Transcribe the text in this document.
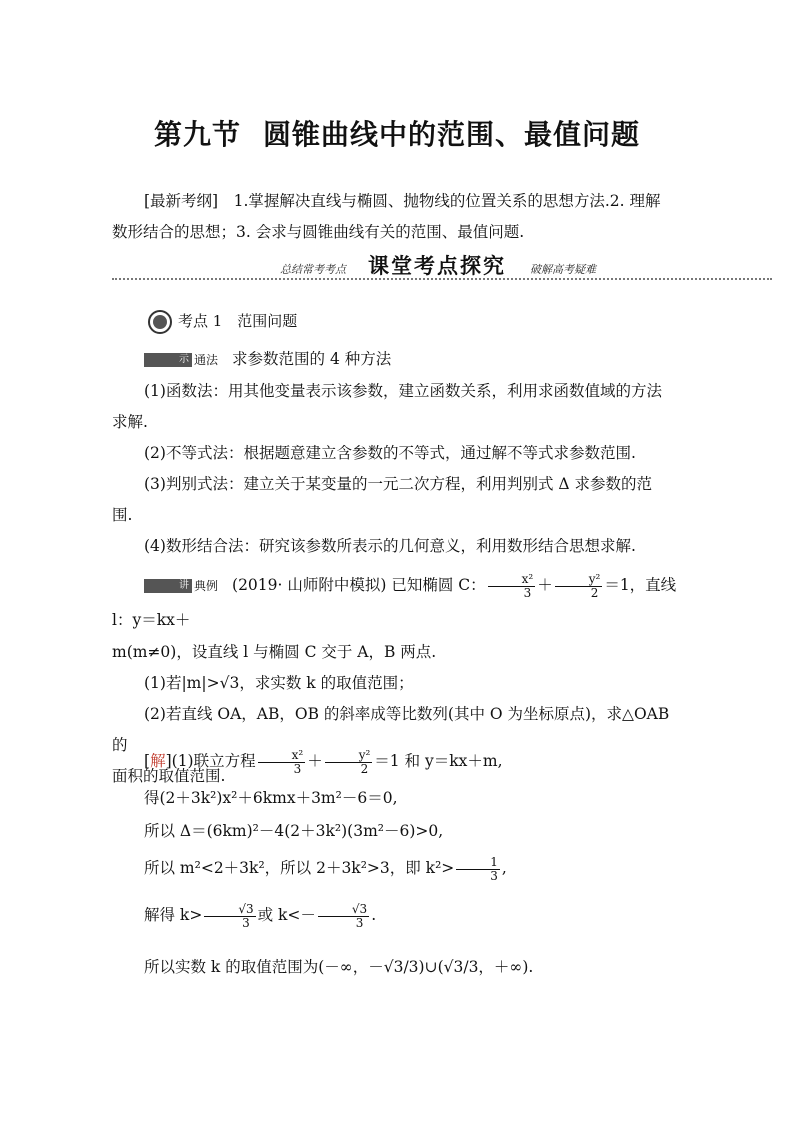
第九节 圆锥曲线中的范围、最值问题
[最新考纲]　1.掌握解决直线与椭圆、抛物线的位置关系的思想方法.2. 理解
数形结合的思想；3. 会求与圆锥曲线有关的范围、最值问题.
总结常考考点 课堂考点探究 破解高考疑难
考点 1　范围问题
示 通法 求参数范围的 4 种方法
(1)函数法：用其他变量表示该参数，建立函数关系，利用求函数值域的方法
求解.
(2)不等式法：根据题意建立含参数的不等式，通过解不等式求参数范围.
(3)判别式法：建立关于某变量的一元二次方程，利用判别式 Δ 求参数的范
围.
(4)数形结合法：研究该参数所表示的几何意义，利用数形结合思想求解.
讲 典例 (2019· 山师附中模拟) 已知椭圆 C： $\frac{\text{x²}}{3} + \frac{\text{y²}}{2} =1$，直线 l：y＝kx＋
m(m≠0)，设直线 l 与椭圆 C 交于 A，B 两点.
(1)若|m|>√3，求实数 k 的取值范围；
(2)若直线 OA，AB，OB 的斜率成等比数列(其中 O 为坐标原点)，求△OAB 的
面积的取值范围.
[解](1)联立方程 $\frac{\text{x²}}{3} + \frac{\text{y²}}{2} =1$ 和 y＝kx＋m,
得(2＋3k²)x²＋6kmx＋3m²－6＝0,
所以 Δ＝(6km)²－4(2＋3k²)(3m²－6)>0,
所以 m²<2＋3k²，所以 2＋3k²>3，即 $k^2> \frac{1}{3}$ ,
解得 $k> \frac{√3}{3}$ 或 $k<- \frac{√3}{3}$ .
所以实数 k 的取值范围为(－∞，－√3/3)∪(√3/3，＋∞).
